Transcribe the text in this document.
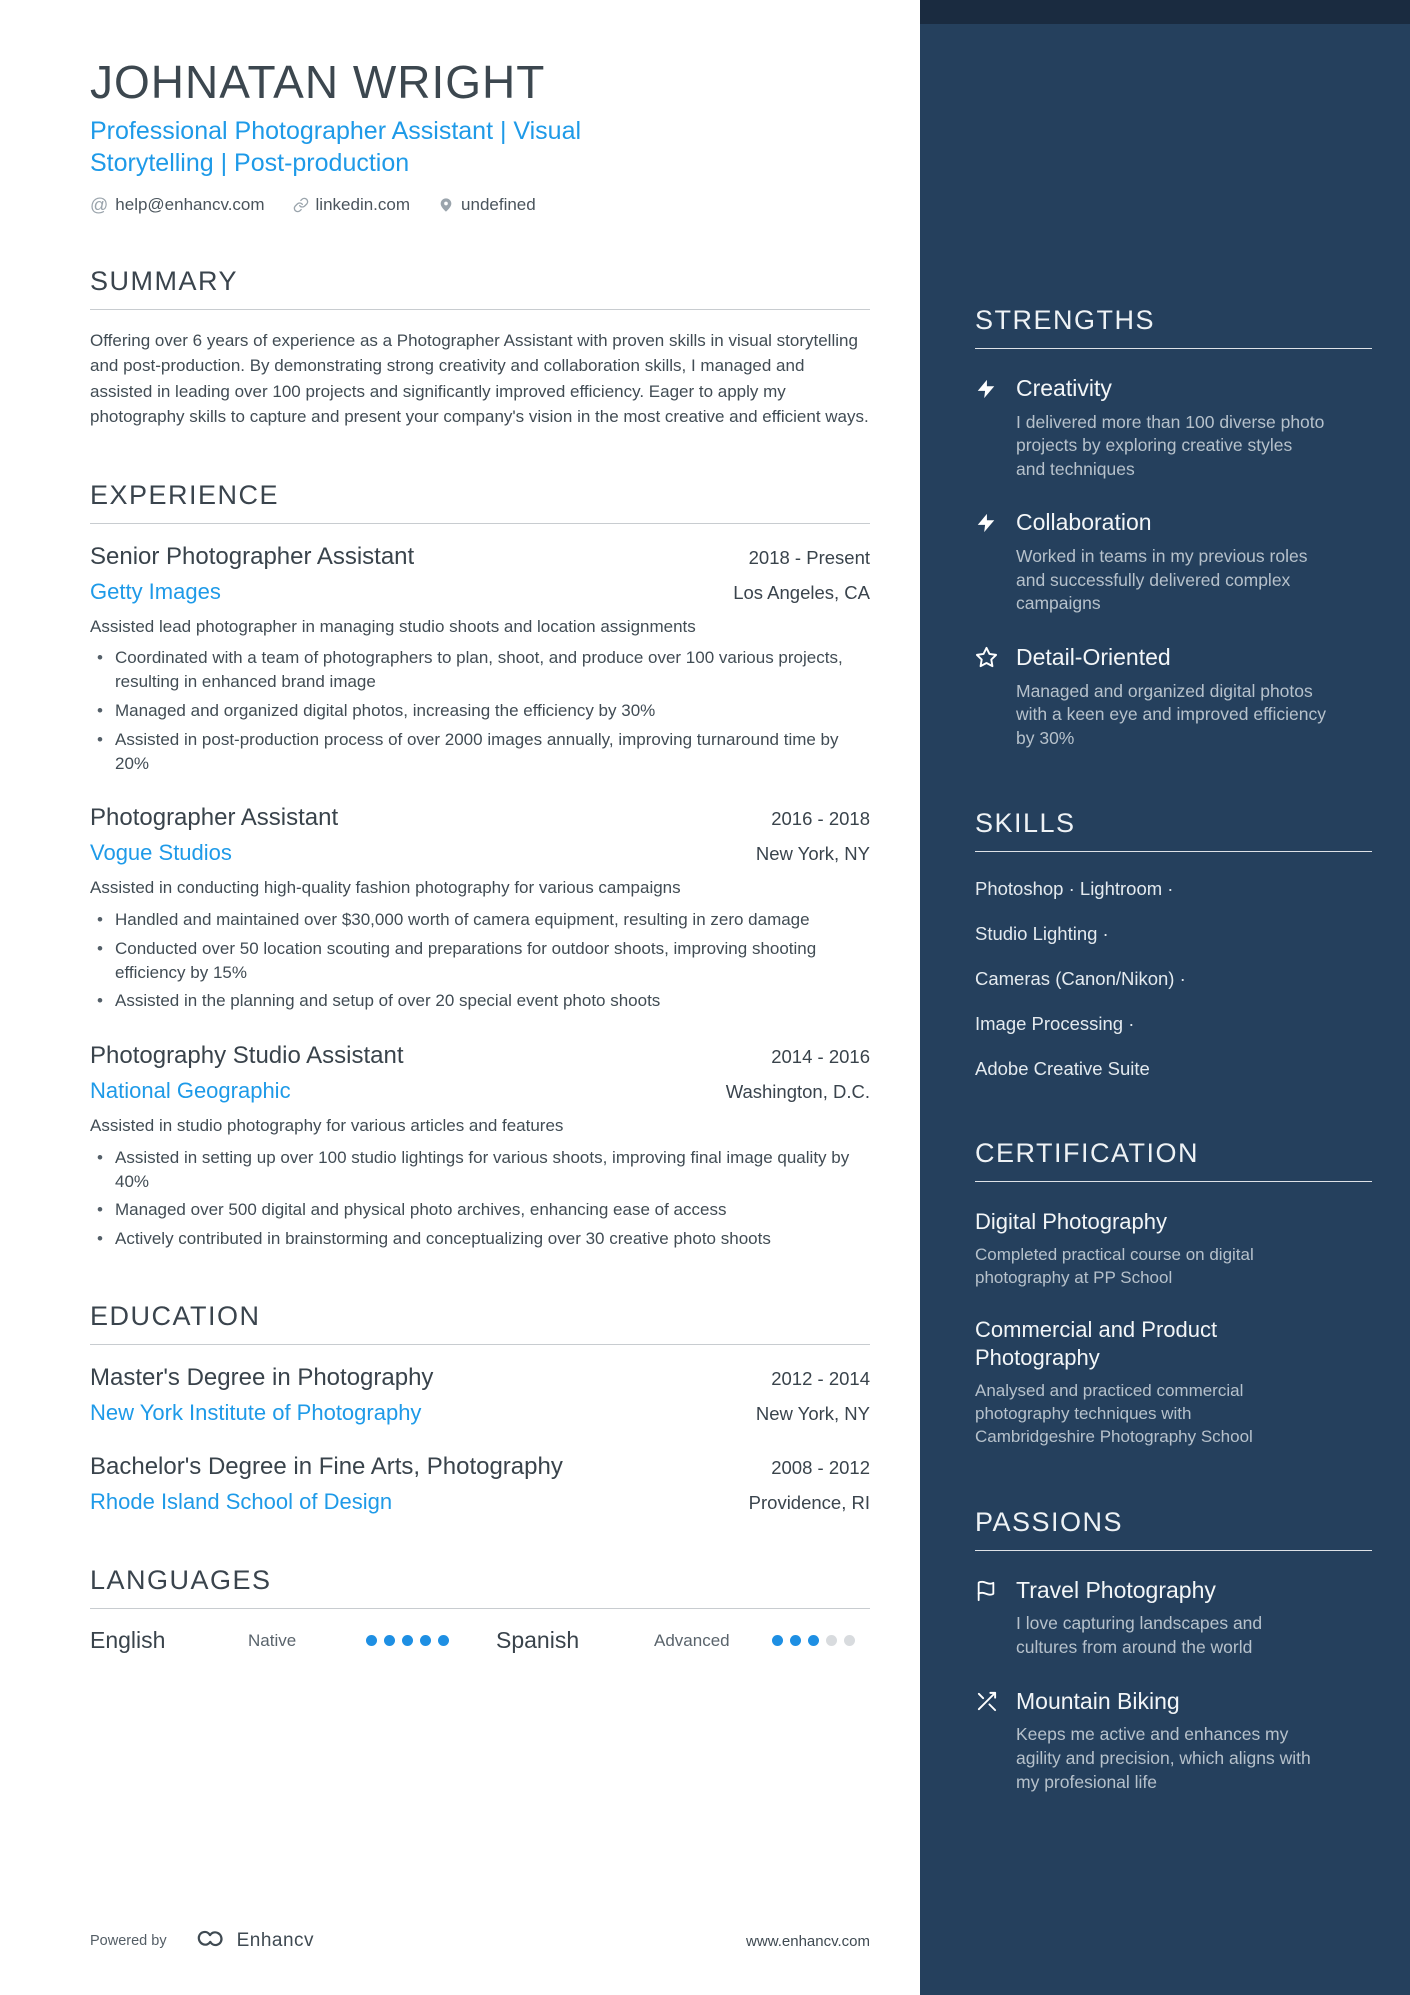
JOHNATAN WRIGHT
Professional Photographer Assistant | Visual Storytelling | Post-production
@ help@enhancv.com	linkedin.com	undefined
SUMMARY

Offering over 6 years of experience as a Photographer Assistant with proven skills in visual storytelling and post-production. By demonstrating strong creativity and collaboration skills, I managed and assisted in leading over 100 projects and significantly improved efficiency. Eager to apply my photography skills to capture and present your company's vision in the most creative and efficient ways.

EXPERIENCE
Senior Photographer Assistant	2018 - Present
Getty Images	Los Angeles, CA
Assisted lead photographer in managing studio shoots and location assignments
• Coordinated with a team of photographers to plan, shoot, and produce over 100 various projects, resulting in enhanced brand image
• Managed and organized digital photos, increasing the efficiency by 30%
• Assisted in post-production process of over 2000 images annually, improving turnaround time by 20%
Photographer Assistant	2016 - 2018
Vogue Studios	New York, NY
Assisted in conducting high-quality fashion photography for various campaigns
• Handled and maintained over $30,000 worth of camera equipment, resulting in zero damage
• Conducted over 50 location scouting and preparations for outdoor shoots, improving shooting efficiency by 15%
• Assisted in the planning and setup of over 20 special event photo shoots
Photography Studio Assistant	2014 - 2016
National Geographic	Washington, D.C.
Assisted in studio photography for various articles and features
• Assisted in setting up over 100 studio lightings for various shoots, improving final image quality by 40%
• Managed over 500 digital and physical photo archives, enhancing ease of access
• Actively contributed in brainstorming and conceptualizing over 30 creative photo shoots
EDUCATION
Master's Degree in Photography	2012 - 2014
New York Institute of Photography	New York, NY
Bachelor's Degree in Fine Arts, Photography	2008 - 2012
Rhode Island School of Design	Providence, RI
LANGUAGES
English	Native	Spanish	Advanced
Powered by	Enhancv	www.enhancv.com
STRENGTHS
Creativity
I delivered more than 100 diverse photo projects by exploring creative styles and techniques
Collaboration
Worked in teams in my previous roles and successfully delivered complex campaigns
Detail-Oriented
Managed and organized digital photos with a keen eye and improved efficiency by 30%
SKILLS
Photoshop · Lightroom ·
Studio Lighting ·
Cameras (Canon/Nikon) ·
Image Processing ·
Adobe Creative Suite
CERTIFICATION
Digital Photography
Completed practical course on digital photography at PP School
Commercial and Product Photography
Analysed and practiced commercial photography techniques with Cambridgeshire Photography School
PASSIONS
Travel Photography
I love capturing landscapes and cultures from around the world
Mountain Biking
Keeps me active and enhances my agility and precision, which aligns with my profesional life
